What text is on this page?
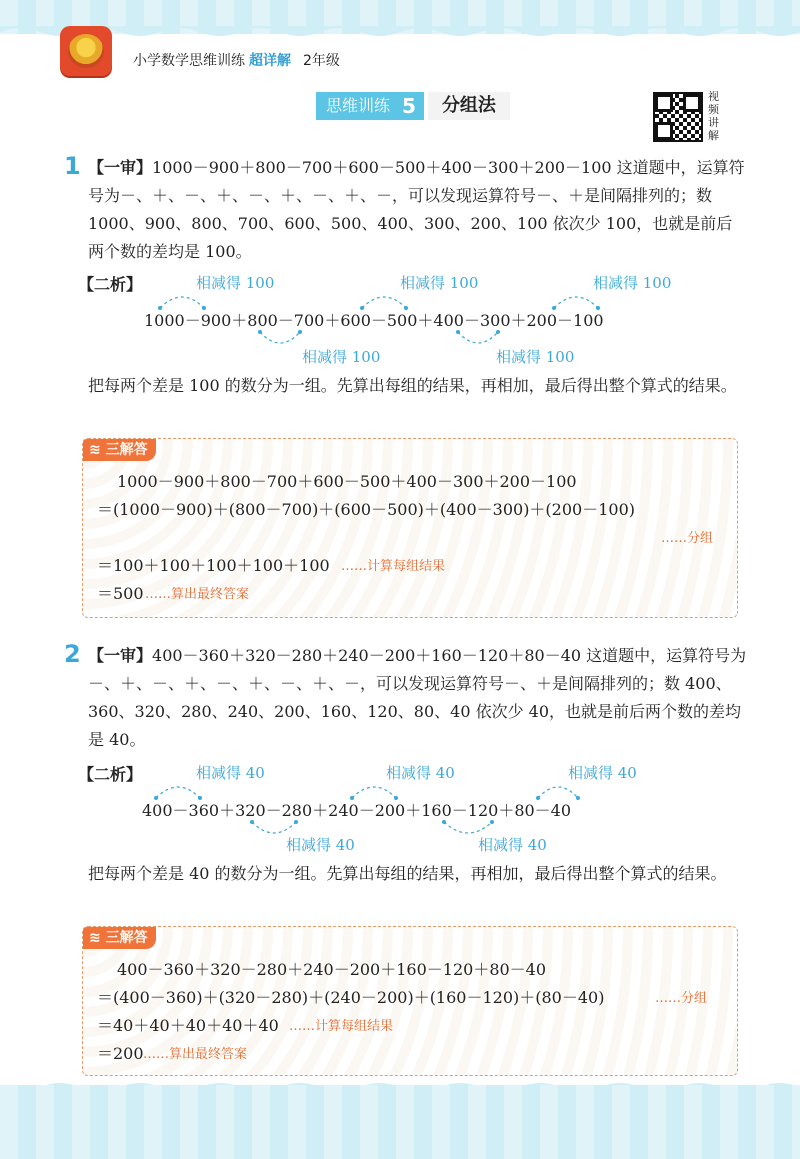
小学数学思维训练 超详解 2年级
思维训练 5 分组法	视频讲解
1 【一审】1000－900＋800－700＋600－500＋400－300＋200－100 这道题中，运算符号为－、＋、－、＋、－、＋、－、＋、－，可以发现运算符号－、＋是间隔排列的；数 1000、900、800、700、600、500、400、300、200、100 依次少 100，也就是前后两个数的差均是 100。
【二析】	相减得 100	相减得 100	相减得 100
1000－900＋800－700＋600－500＋400－300＋200－100
相减得 100	相减得 100
把每两个差是 100 的数分为一组。先算出每组的结果，再相加，最后得出整个算式的结果。
≋ 三解答
1000－900＋800－700＋600－500＋400－300＋200－100
＝(1000－900)＋(800－700)＋(600－500)＋(400－300)＋(200－100)
……分组
＝100＋100＋100＋100＋100 ……计算每组结果
＝500 ……算出最终答案
2 【一审】400－360＋320－280＋240－200＋160－120＋80－40 这道题中，运算符号为－、＋、－、＋、－、＋、－、＋、－，可以发现运算符号－、＋是间隔排列的；数 400、360、320、280、240、200、160、120、80、40 依次少 40，也就是前后两个数的差均是 40。
【二析】	相减得 40	相减得 40	相减得 40
400－360＋320－280＋240－200＋160－120＋80－40
相减得 40	相减得 40
把每两个差是 40 的数分为一组。先算出每组的结果，再相加，最后得出整个算式的结果。
≋ 三解答
400－360＋320－280＋240－200＋160－120＋80－40
＝(400－360)＋(320－280)＋(240－200)＋(160－120)＋(80－40)	……分组
＝40＋40＋40＋40＋40 ……计算每组结果
＝200 ……算出最终答案
